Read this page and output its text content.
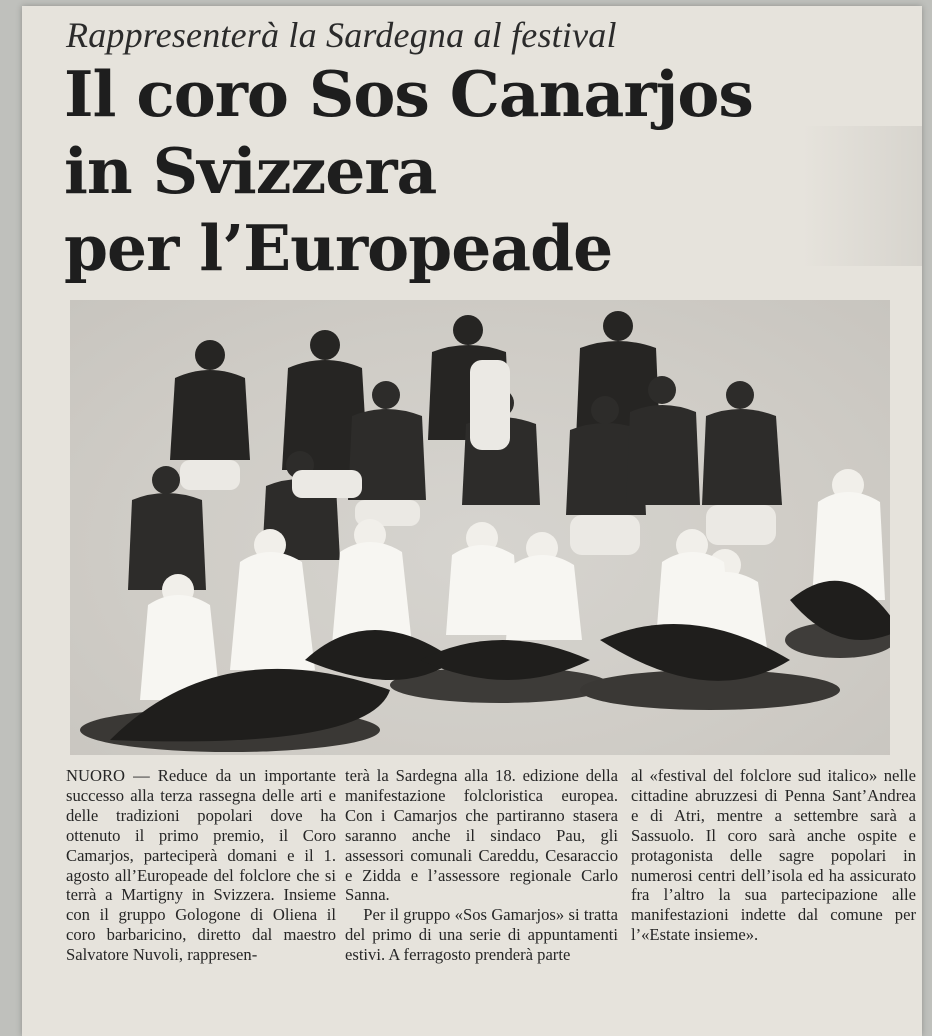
Rappresenterà la Sardegna al festival
Il coro Sos Canarjos
in Svizzera
per l’Europeade

NUORO — Reduce da un importante successo alla terza rassegna delle arti e delle tradizioni popolari dove ha ottenuto il primo premio, il Coro Camarjos, parteciperà domani e il 1. agosto all’Europeade del folclore che si terrà a Martigny in Svizzera. Insieme con il gruppo Gologone di Oliena il coro barbaricino, diretto dal maestro Salvatore Nuvoli, rappresen-

terà la Sardegna alla 18. edizione della manifestazione folcloristica europea. Con i Camarjos che partiranno stasera saranno anche il sindaco Pau, gli assessori comunali Careddu, Cesaraccio e Zidda e l’assessore regionale Carlo Sanna.

Per il gruppo «Sos Gamarjos» si tratta del primo di una serie di appuntamenti estivi. A ferragosto prenderà parte

al «festival del folclore sud italico» nelle cittadine abruzzesi di Penna Sant’Andrea e di Atri, mentre a settembre sarà a Sassuolo. Il coro sarà anche ospite e protagonista delle sagre popolari in numerosi centri dell’isola ed ha assicurato fra l’altro la sua partecipazione alle manifestazioni indette dal comune per l’«Estate insieme».
